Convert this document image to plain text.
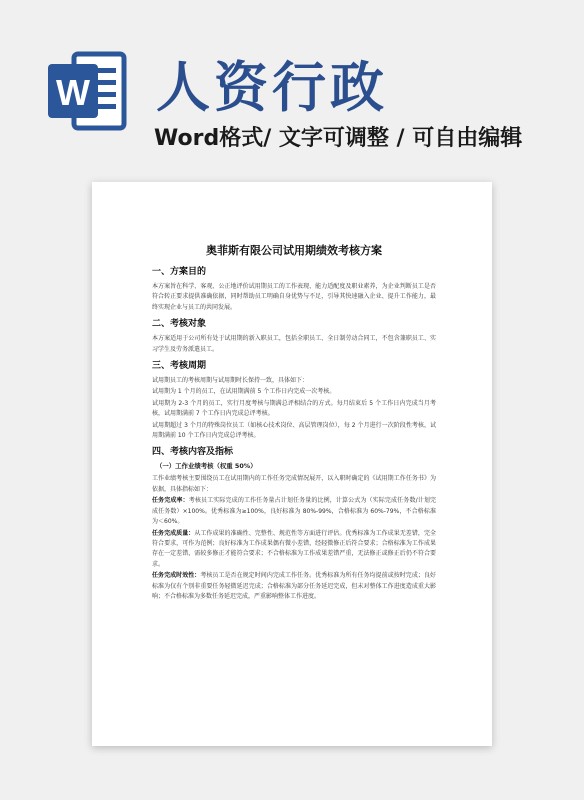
W 人资行政
Word格式/ 文字可调整 / 可自由编辑
奥菲斯有限公司试用期绩效考核方案
一、方案目的

本方案旨在科学、客观、公正地评价试用期员工的工作表现、能力适配度及职业素养，为企业判断员工是否符合转正要求提供准确依据，同时帮助员工明确自身优势与不足，引导其快速融入企业、提升工作能力，最终实现企业与员工的共同发展。

二、考核对象

本方案适用于公司所有处于试用期的新入职员工，包括全职员工、全日制劳动合同工，不包含兼职员工、实习学生及劳务派遣员工。

三、考核周期

试用期员工的考核周期与试用期时长保持一致，具体如下：

试用期为 1 个月的员工，在试用期满前 5 个工作日内完成一次考核。

试用期为 2-3 个月的员工，实行月度考核与期满总评相结合的方式。每月结束后 5 个工作日内完成当月考核，试用期满前 7 个工作日内完成总评考核。

试用期超过 3 个月的特殊岗位员工（如核心技术岗位、高层管理岗位），每 2 个月进行一次阶段性考核，试用期满前 10 个工作日内完成总评考核。

四、考核内容及指标
（一）工作业绩考核（权重 50%）

工作业绩考核主要围绕员工在试用期内的工作任务完成情况展开，以入职时确定的《试用期工作任务书》为依据，具体指标如下：

任务完成率：考核员工实际完成的工作任务量占计划任务量的比例，计算公式为（实际完成任务数/计划完成任务数）×100%。优秀标准为≥100%，良好标准为 80%-99%，合格标准为 60%-79%，不合格标准为＜60%。

任务完成质量：从工作成果的准确性、完整性、规范性等方面进行评估。优秀标准为工作成果无差错，完全符合要求，可作为范例；良好标准为工作成果偶有微小差错，经轻微修正后符合要求；合格标准为工作成果存在一定差错，需较多修正才能符合要求；不合格标准为工作成果差错严重，无法修正或修正后仍不符合要求。

任务完成时效性：考核员工是否在规定时间内完成工作任务。优秀标准为所有任务均提前或按时完成；良好标准为仅有个别非重要任务轻微延迟完成；合格标准为部分任务延迟完成，但未对整体工作进度造成重大影响；不合格标准为多数任务延迟完成，严重影响整体工作进度。
